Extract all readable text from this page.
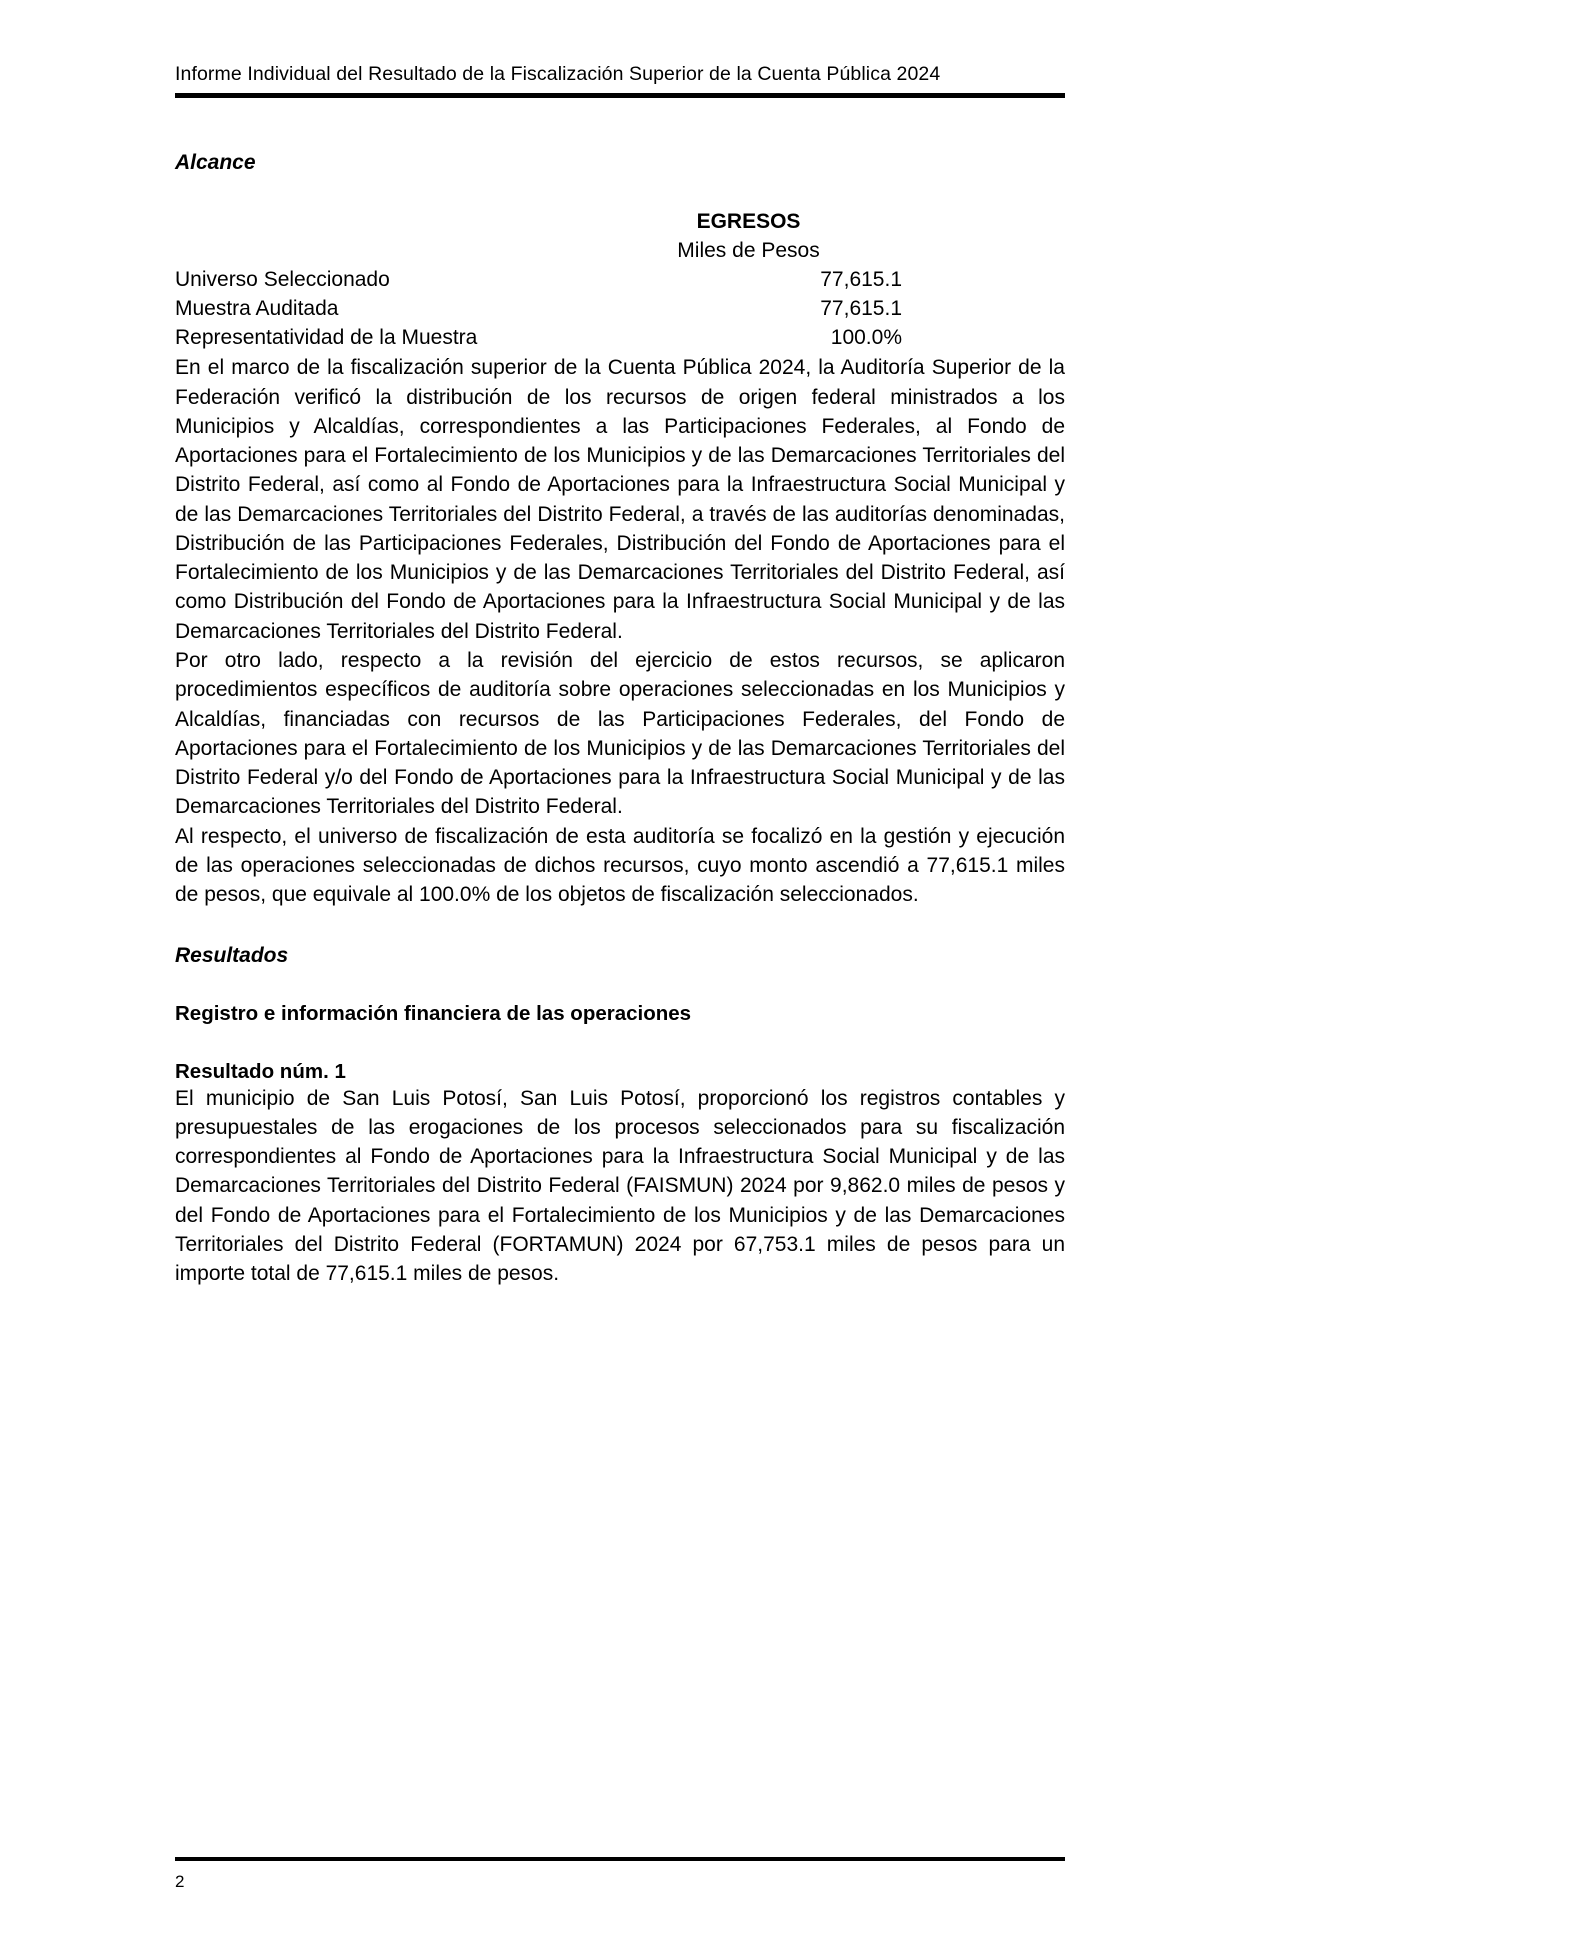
Informe Individual del Resultado de la Fiscalización Superior de la Cuenta Pública 2024
Alcance
	EGRESOS
	Miles de Pesos
Universo Seleccionado	77,615.1
Muestra Auditada	77,615.1
Representatividad de la Muestra	100.0%

En el marco de la fiscalización superior de la Cuenta Pública 2024, la Auditoría Superior de la Federación verificó la distribución de los recursos de origen federal ministrados a los Municipios y Alcaldías, correspondientes a las Participaciones Federales, al Fondo de Aportaciones para el Fortalecimiento de los Municipios y de las Demarcaciones Territoriales del Distrito Federal, así como al Fondo de Aportaciones para la Infraestructura Social Municipal y de las Demarcaciones Territoriales del Distrito Federal, a través de las auditorías denominadas, Distribución de las Participaciones Federales, Distribución del Fondo de Aportaciones para el Fortalecimiento de los Municipios y de las Demarcaciones Territoriales del Distrito Federal, así como Distribución del Fondo de Aportaciones para la Infraestructura Social Municipal y de las Demarcaciones Territoriales del Distrito Federal.

Por otro lado, respecto a la revisión del ejercicio de estos recursos, se aplicaron procedimientos específicos de auditoría sobre operaciones seleccionadas en los Municipios y Alcaldías, financiadas con recursos de las Participaciones Federales, del Fondo de Aportaciones para el Fortalecimiento de los Municipios y de las Demarcaciones Territoriales del Distrito Federal y/o del Fondo de Aportaciones para la Infraestructura Social Municipal y de las Demarcaciones Territoriales del Distrito Federal.

Al respecto, el universo de fiscalización de esta auditoría se focalizó en la gestión y ejecución de las operaciones seleccionadas de dichos recursos, cuyo monto ascendió a 77,615.1 miles de pesos, que equivale al 100.0% de los objetos de fiscalización seleccionados.

Resultados
Registro e información financiera de las operaciones
Resultado núm. 1

El municipio de San Luis Potosí, San Luis Potosí, proporcionó los registros contables y presupuestales de las erogaciones de los procesos seleccionados para su fiscalización correspondientes al Fondo de Aportaciones para la Infraestructura Social Municipal y de las Demarcaciones Territoriales del Distrito Federal (FAISMUN) 2024 por 9,862.0 miles de pesos y del Fondo de Aportaciones para el Fortalecimiento de los Municipios y de las Demarcaciones Territoriales del Distrito Federal (FORTAMUN) 2024 por 67,753.1 miles de pesos para un importe total de 77,615.1 miles de pesos.

2
